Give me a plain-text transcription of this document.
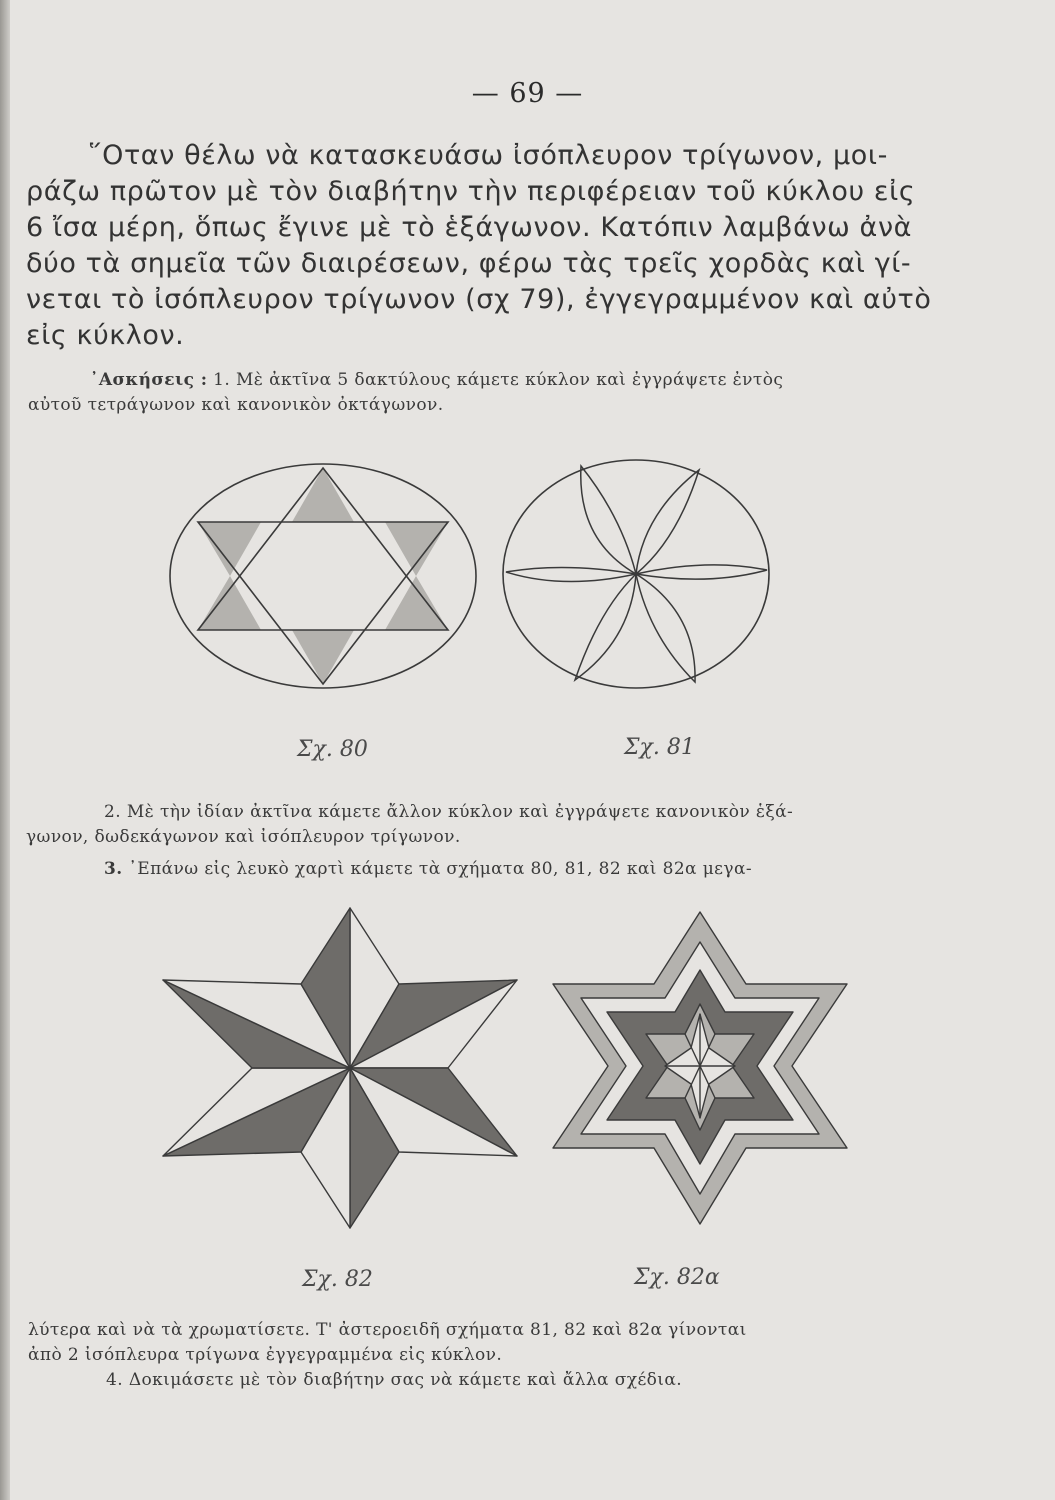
— 69 —
῞Οταν θέλω νὰ κατασκευάσω ἰσόπλευρον τρίγωνον, μοι-
ράζω πρῶτον μὲ τὸν διαβήτην τὴν περιφέρειαν τοῦ κύκλου εἰς
6 ἴσα μέρη, ὅπως ἔγινε μὲ τὸ ἑξάγωνον. Κατόπιν λαμβάνω ἀνὰ
δύο τὰ σημεῖα τῶν διαιρέσεων, φέρω τὰς τρεῖς χορδὰς καὶ γί-
νεται τὸ ἰσόπλευρον τρίγωνον (σχ 79), ἐγγεγραμμένον καὶ αὐτὸ
εἰς κύκλον.
᾿Ασκήσεις : 1. Μὲ ἀκτῖνα 5 δακτύλους κάμετε κύκλον καὶ ἐγγράψετε ἐντὸς
αὐτοῦ τετράγωνον καὶ κανονικὸν ὀκτάγωνον.
Σχ. 80	Σχ. 81
2. Μὲ τὴν ἰδίαν ἀκτῖνα κάμετε ἄλλον κύκλον καὶ ἐγγράψετε κανονικὸν ἑξά-
γωνον, δωδεκάγωνον καὶ ἰσόπλευρον τρίγωνον.
3. ᾿Επάνω εἰς λευκὸ χαρτὶ κάμετε τὰ σχήματα 80, 81, 82 καὶ 82α μεγα-
Σχ. 82	Σχ. 82α
λύτερα καὶ νὰ τὰ χρωματίσετε. Τ' ἀστεροειδῆ σχήματα 81, 82 καὶ 82α γίνονται
ἀπὸ 2 ἰσόπλευρα τρίγωνα ἐγγεγραμμένα εἰς κύκλον.
4. Δοκιμάσετε μὲ τὸν διαβήτην σας νὰ κάμετε καὶ ἄλλα σχέδια.
